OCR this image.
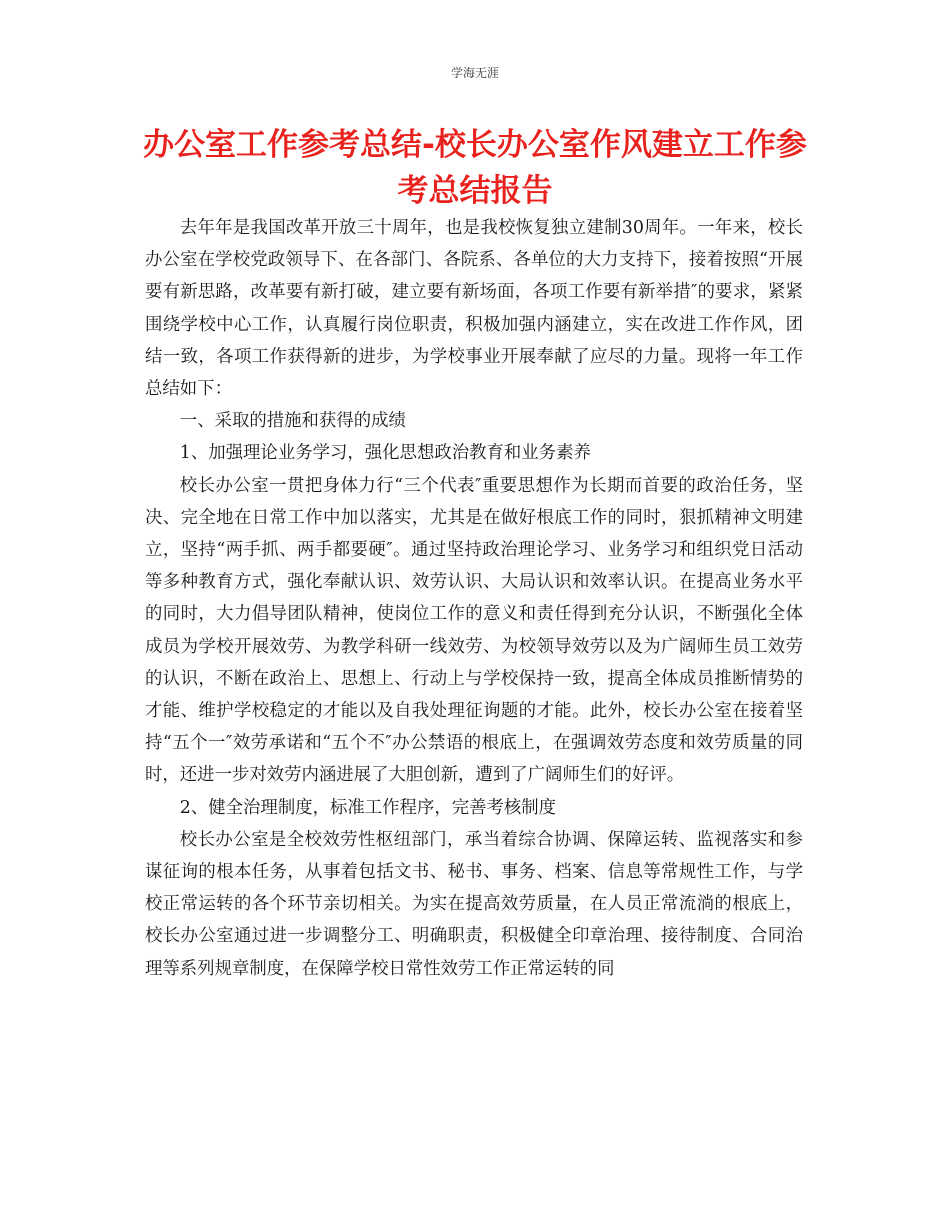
学海无涯
办公室工作参考总结-校长办公室作风建立工作参考总结报告

去年年是我国改革开放三十周年，也是我校恢复独立建制30周年。一年来，校长办公室在学校党政领导下、在各部门、各院系、各单位的大力支持下，接着按照“开展要有新思路，改革要有新打破，建立要有新场面，各项工作要有新举措″的要求，紧紧围绕学校中心工作，认真履行岗位职责，积极加强内涵建立，实在改进工作作风，团结一致，各项工作获得新的进步，为学校事业开展奉献了应尽的力量。现将一年工作总结如下：

一、采取的措施和获得的成绩

1、加强理论业务学习，强化思想政治教育和业务素养

校长办公室一贯把身体力行“三个代表″重要思想作为长期而首要的政治任务，坚决、完全地在日常工作中加以落实，尤其是在做好根底工作的同时，狠抓精神文明建立，坚持“两手抓、两手都要硬″。通过坚持政治理论学习、业务学习和组织党日活动等多种教育方式，强化奉献认识、效劳认识、大局认识和效率认识。在提高业务水平的同时，大力倡导团队精神，使岗位工作的意义和责任得到充分认识，不断强化全体成员为学校开展效劳、为教学科研一线效劳、为校领导效劳以及为广阔师生员工效劳的认识，不断在政治上、思想上、行动上与学校保持一致，提高全体成员推断情势的才能、维护学校稳定的才能以及自我处理征询题的才能。此外，校长办公室在接着坚持“五个一″效劳承诺和“五个不″办公禁语的根底上，在强调效劳态度和效劳质量的同时，还进一步对效劳内涵进展了大胆创新，遭到了广阔师生们的好评。

2、健全治理制度，标准工作程序，完善考核制度

校长办公室是全校效劳性枢纽部门，承当着综合协调、保障运转、监视落实和参谋征询的根本任务，从事着包括文书、秘书、事务、档案、信息等常规性工作，与学校正常运转的各个环节亲切相关。为实在提高效劳质量，在人员正常流淌的根底上，校长办公室通过进一步调整分工、明确职责，积极健全印章治理、接待制度、合同治理等系列规章制度，在保障学校日常性效劳工作正常运转的同
